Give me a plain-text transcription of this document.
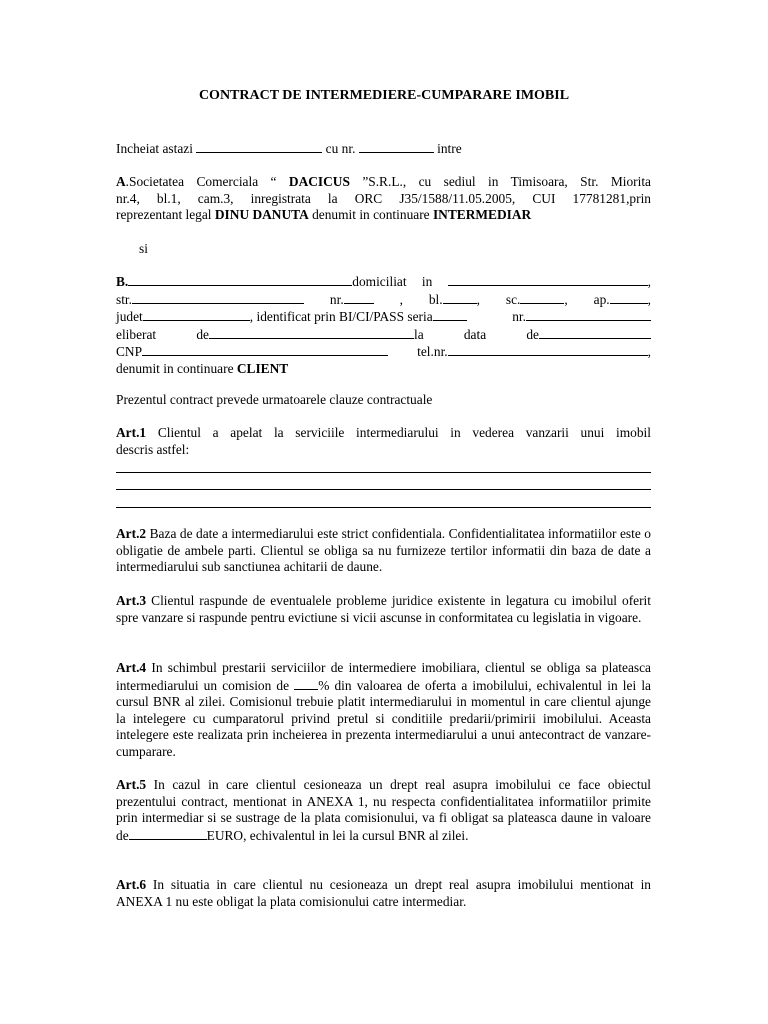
CONTRACT DE INTERMEDIERE-CUMPARARE IMOBIL
Incheiat astazi	cu nr.	intre
A.Societatea Comerciala “ DACICUS ”S.R.L., cu sediul in Timisoara, Str. Miorita
nr.4, bl.1, cam.3, inregistrata la ORC J35/1588/11.05.2005, CUI 17781281,prin
reprezentant legal DINU DANUTA denumit in continuare INTERMEDIAR
si
B.	domiciliat in	,
str.	nr.	, bl.	, sc.	, ap.	,
judet	, identificat prin BI/CI/PASS seria	nr.
eliberat	de	la	data	de
CNP	tel.nr.	,
denumit in continuare CLIENT
Prezentul contract prevede urmatoarele clauze contractuale
Art.1 Clientul a apelat la serviciile intermediarului in vederea vanzarii unui imobil
descris astfel:
Art.2 Baza de date a intermediarului este strict confidentiala. Confidentialitatea informatiilor este o obligatie de ambele parti. Clientul se obliga sa nu furnizeze tertilor informatii din baza de date a intermediarului sub sanctiunea achitarii de daune.
Art.3 Clientul raspunde de eventualele probleme juridice existente in legatura cu imobilul oferit spre vanzare si raspunde pentru evictiune si vicii ascunse in conformitatea cu legislatia in vigoare.
Art.4 In schimbul prestarii serviciilor de intermediere imobiliara, clientul se obliga sa plateasca intermediarului un comision de % din valoarea de oferta a imobilului, echivalentul in lei la cursul BNR al zilei. Comisionul trebuie platit intermediarului in momentul in care clientul ajunge la intelegere cu cumparatorul privind pretul si conditiile predarii/primirii imobilului. Aceasta intelegere este realizata prin incheierea in prezenta intermediarului a unui antecontract de vanzare-cumparare.
Art.5 In cazul in care clientul cesioneaza un drept real asupra imobilului ce face obiectul prezentului contract, mentionat in ANEXA 1, nu respecta confidentialitatea informatiilor primite prin intermediar si se sustrage de la plata comisionului, va fi obligat sa plateasca daune in valoare de	EURO, echivalentul in lei la cursul BNR al zilei.
Art.6 In situatia in care clientul nu cesioneaza un drept real asupra imobilului mentionat in ANEXA 1 nu este obligat la plata comisionului catre intermediar.
